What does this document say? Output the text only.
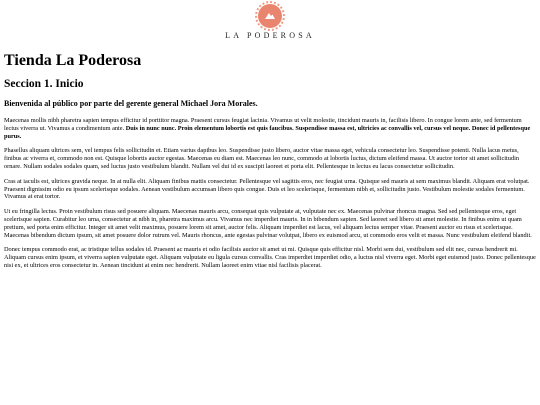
LA PODEROSA
Tienda La Poderosa
Seccion 1. Inicio
Bienvenida al público por parte del gerente general Michael Jora Morales.

Maecenas mollis nibh pharetra sapien tempus efficitur id porttitor magna. Praesent cursus feugiat lacinia. Vivamus ut velit molestie, tincidunt mauris in, facilisis libero. In congue lorem ante, sed fermentum lectus viverra ut. Vivamus a condimentum ante. Duis in nunc nunc. Proin elementum lobortis est quis faucibus. Suspendisse massa est, ultricies ac convallis vel, cursus vel neque. Donec id pellentesque purus.

Phasellus aliquam ultrices sem, vel tempus felis sollicitudin et. Etiam varius dapibus leo. Suspendisse justo libero, auctor vitae massa eget, vehicula consectetur leo. Suspendisse potenti. Nulla lacus metus, finibus ac viverra et, commodo non est. Quisque lobortis auctor egestas. Maecenas eu diam est. Maecenas leo nunc, commodo at lobortis luctus, dictum eleifend massa. Ut auctor tortor sit amet sollicitudin ornare. Nullam sodales sodales quam, sed luctus justo vestibulum blandit. Nullam vel dui id ex suscipit laoreet et porta elit. Pellentesque in lectus eu lacus consectetur sollicitudin.

Cras at iaculis est, ultrices gravida neque. In at nulla elit. Aliquam finibus mattis consectetur. Pellentesque vel sagittis eros, nec feugiat urna. Quisque sed mauris at sem maximus blandit. Aliquam erat volutpat. Praesent dignissim odio eu ipsum scelerisque sodales. Aenean vestibulum accumsan libero quis congue. Duis et leo scelerisque, fermentum nibh et, sollicitudin justo. Vestibulum molestie sodales fermentum. Vivamus at erat tortor.

Ut eu fringilla lectus. Proin vestibulum risus sed posuere aliquam. Maecenas mauris arcu, consequat quis vulputate at, vulputate nec ex. Maecenas pulvinar rhoncus magna. Sed sed pellentesque eros, eget scelerisque sapien. Curabitur leo urna, consectetur at nibh in, pharetra maximus arcu. Vivamus nec imperdiet mauris. In in bibendum sapien. Sed laoreet sed libero sit amet molestie. In finibus enim ut quam pretium, sed porta enim efficitur. Integer sit amet velit maximus, posuere lorem sit amet, auctor felis. Aliquam imperdiet est lacus, vel aliquam lectus semper vitae. Praesent auctor eu risus et scelerisque. Maecenas bibendum dictum ipsum, sit amet posuere dolor rutrum vel. Mauris rhoncus, ante egestas pulvinar volutpat, libero ex euismod arcu, ut commodo eros velit et massa. Nunc vestibulum eleifend blandit.

Donec tempus commodo erat, ac tristique tellus sodales id. Praesent ac mauris et odio facilisis auctor sit amet ut mi. Quisque quis efficitur nisl. Morbi sem dui, vestibulum sed elit nec, cursus hendrerit mi. Aliquam cursus enim ipsum, et viverra sapien vulputate eget. Aliquam vulputate eu ligula cursus convallis. Cras imperdiet imperdiet odio, a luctus nisl viverra eget. Morbi eget euismod justo. Donec pellentesque nisi ex, et ultrices eros consectetur in. Aenean tincidunt at enim nec hendrerit. Nullam laoreet enim vitae nisl facilisis placerat.
